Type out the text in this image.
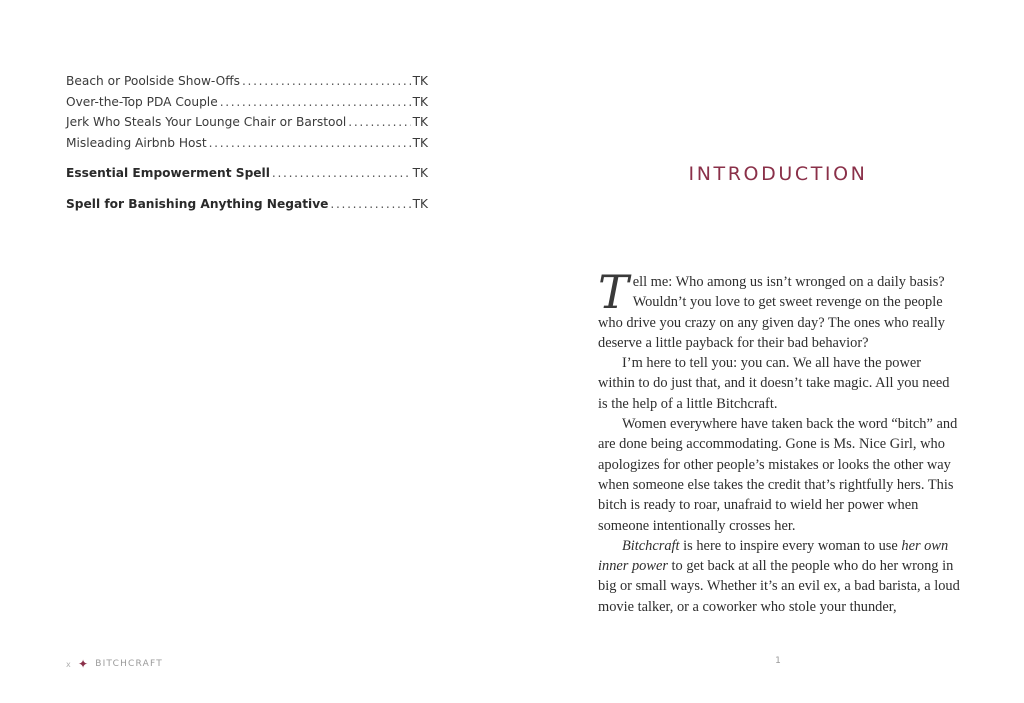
Beach or Poolside Show-Offs . . .	TK
Over-the-Top PDA Couple . . .	TK
Jerk Who Steals Your Lounge Chair or Barstool . . .	TK
Misleading Airbnb Host . . .	TK
Essential Empowerment Spell . . .	TK
Spell for Banishing Anything Negative . . .	TK
x ✦ BITCHCRAFT
INTRODUCTION

Tell me: Who among us isn’t wronged on a daily basis? Wouldn’t you love to get sweet revenge on the people who drive you crazy on any given day? The ones who really deserve a little payback for their bad behavior?

I’m here to tell you: you can. We all have the power within to do just that, and it doesn’t take magic. All you need is the help of a little Bitchcraft.

Women everywhere have taken back the word “bitch” and are done being accommodating. Gone is Ms. Nice Girl, who apologizes for other people’s mistakes or looks the other way when someone else takes the credit that’s rightfully hers. This bitch is ready to roar, unafraid to wield her power when someone intentionally crosses her.

Bitchcraft is here to inspire every woman to use her own inner power to get back at all the people who do her wrong in big or small ways. Whether it’s an evil ex, a bad barista, a loud movie talker, or a coworker who stole your thunder,

1
